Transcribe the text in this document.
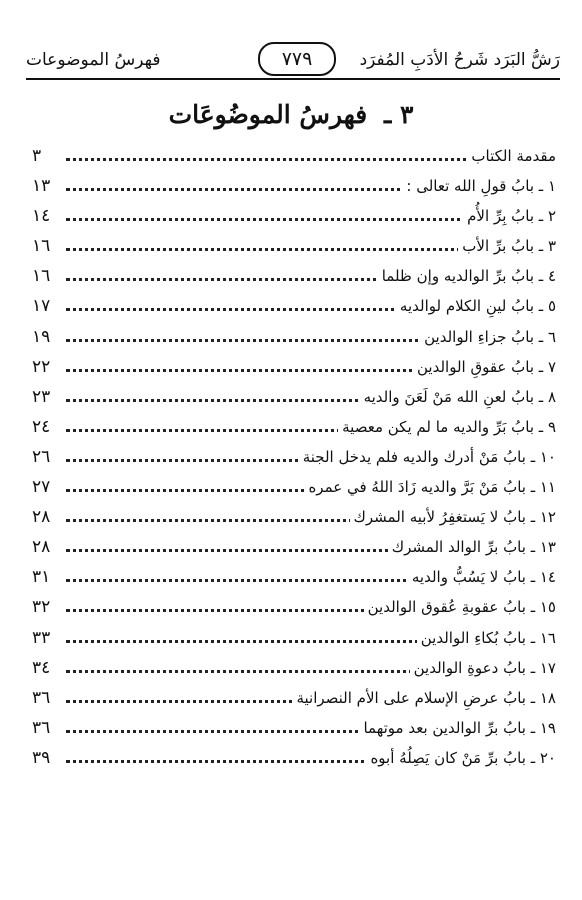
رَشُّ البَرَد شَرحُ الأدَبِ المُفرَد
٧٧٩
فهرسُ الموضوعات
٣ ـ فهرسُ الموضُوعَات
مقدمة الكتاب
٣
١ ـ بابُ قولِ الله تعالى :
١٣
٢ ـ بابُ بِرِّ الأُم
١٤
٣ ـ بابُ برِّ الأب
١٦
٤ ـ بابُ برِّ الوالديه وإن ظلما
١٦
٥ ـ بابُ لينِ الكلام لوالديه
١٧
٦ ـ بابُ جزاءِ الوالدين
١٩
٧ ـ بابُ عقوقِ الوالدين
٢٢
٨ ـ بابُ لعنِ الله مَنْ لَعَنَ والديه
٢٣
٩ ـ بابُ بَرِّ والديه ما لم يكن معصية
٢٤
١٠ ـ بابُ مَنْ أدرك والديه فلم يدخل الجنة
٢٦
١١ ـ بابُ مَنْ بَرَّ والديه زَادَ اللهُ في عمره
٢٧
١٢ ـ بابُ لا يَستغفِرُ لأبيه المشرك
٢٨
١٣ ـ بابُ برِّ الوالد المشرك
٢٨
١٤ ـ بابُ لا يَسُبُّ والديه
٣١
١٥ ـ بابُ عقوبةِ عُقوق الوالدين
٣٢
١٦ ـ بابُ بُكاءِ الوالدين
٣٣
١٧ ـ بابُ دعوةِ الوالدين
٣٤
١٨ ـ بابُ عرضِ الإسلام على الأم النصرانية
٣٦
١٩ ـ بابُ برِّ الوالدين بعد موتهما
٣٦
٢٠ ـ بابُ برِّ مَنْ كان يَصِلُهُ أبوه
٣٩
